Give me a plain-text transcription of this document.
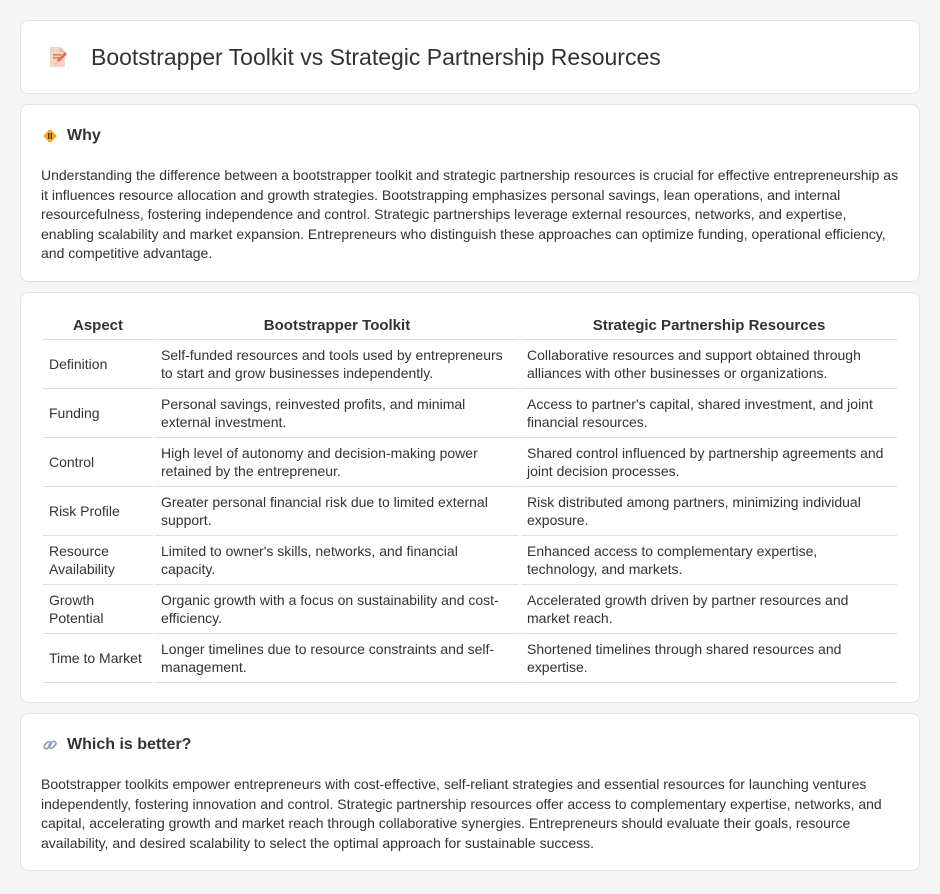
Bootstrapper Toolkit vs Strategic Partnership Resources
Why

Understanding the difference between a bootstrapper toolkit and strategic partnership resources is crucial for effective entrepreneurship as it influences resource allocation and growth strategies. Bootstrapping emphasizes personal savings, lean operations, and internal resourcefulness, fostering independence and control. Strategic partnerships leverage external resources, networks, and expertise, enabling scalability and market expansion. Entrepreneurs who distinguish these approaches can optimize funding, operational efficiency, and competitive advantage.

Aspect	Bootstrapper Toolkit	Strategic Partnership Resources
Definition	Self-funded resources and tools used by entrepreneurs to start and grow businesses independently.	Collaborative resources and support obtained through alliances with other businesses or organizations.
Funding	Personal savings, reinvested profits, and minimal external investment.	Access to partner's capital, shared investment, and joint financial resources.
Control	High level of autonomy and decision-making power retained by the entrepreneur.	Shared control influenced by partnership agreements and joint decision processes.
Risk Profile	Greater personal financial risk due to limited external support.	Risk distributed among partners, minimizing individual exposure.
Resource Availability	Limited to owner's skills, networks, and financial capacity.	Enhanced access to complementary expertise, technology, and markets.
Growth Potential	Organic growth with a focus on sustainability and cost-efficiency.	Accelerated growth driven by partner resources and market reach.
Time to Market	Longer timelines due to resource constraints and self-management.	Shortened timelines through shared resources and expertise.
Which is better?

Bootstrapper toolkits empower entrepreneurs with cost-effective, self-reliant strategies and essential resources for launching ventures independently, fostering innovation and control. Strategic partnership resources offer access to complementary expertise, networks, and capital, accelerating growth and market reach through collaborative synergies. Entrepreneurs should evaluate their goals, resource availability, and desired scalability to select the optimal approach for sustainable success.
